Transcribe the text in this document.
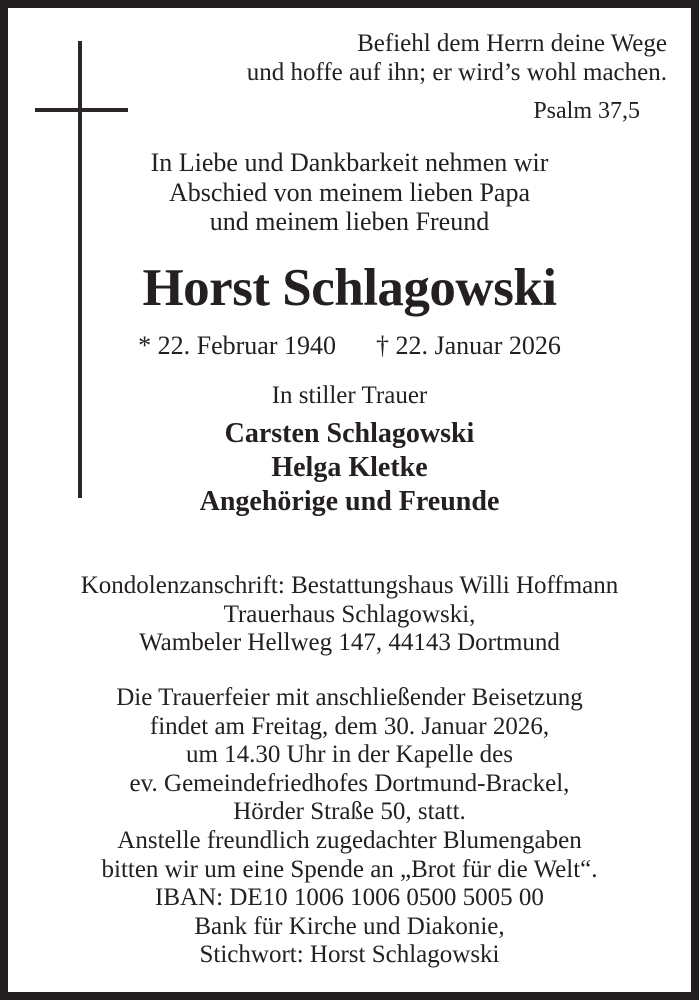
Befiehl dem Herrn deine Wege
und hoffe auf ihn; er wird’s wohl machen.
Psalm 37,5
In Liebe und Dankbarkeit nehmen wir
Abschied von meinem lieben Papa
und meinem lieben Freund
Horst Schlagowski
* 22. Februar 1940 † 22. Januar 2026
In stiller Trauer
Carsten Schlagowski
Helga Kletke
Angehörige und Freunde
Kondolenzanschrift: Bestattungshaus Willi Hoffmann
Trauerhaus Schlagowski,
Wambeler Hellweg 147, 44143 Dortmund
Die Trauerfeier mit anschließender Beisetzung
findet am Freitag, dem 30. Januar 2026,
um 14.30 Uhr in der Kapelle des
ev. Gemeindefriedhofes Dortmund-Brackel,
Hörder Straße 50, statt.
Anstelle freundlich zugedachter Blumengaben
bitten wir um eine Spende an „Brot für die Welt“.
IBAN: DE10 1006 1006 0500 5005 00
Bank für Kirche und Diakonie,
Stichwort: Horst Schlagowski
